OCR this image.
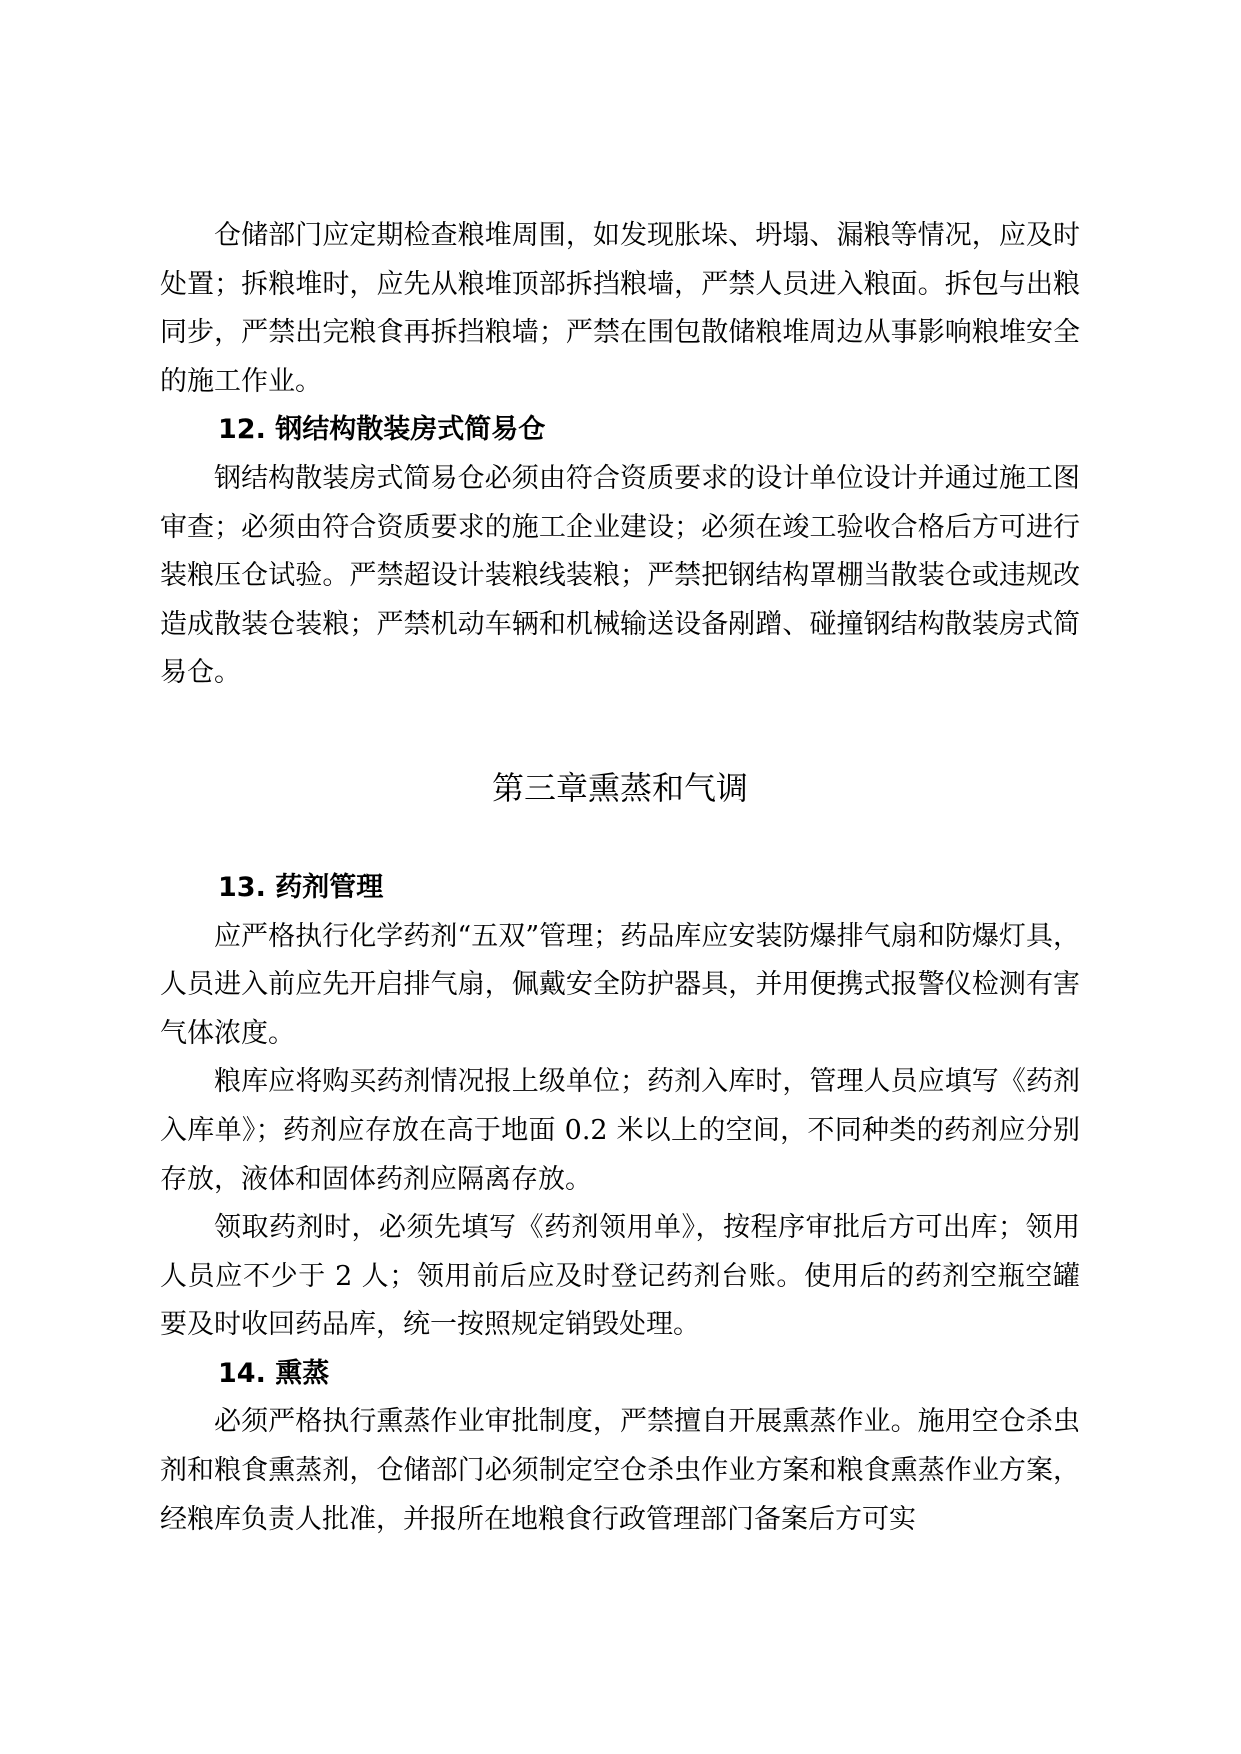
仓储部门应定期检查粮堆周围，如发现胀垛、坍塌、漏粮等情况，应及时处置；拆粮堆时，应先从粮堆顶部拆挡粮墙，严禁人员进入粮面。拆包与出粮同步，严禁出完粮食再拆挡粮墙；严禁在围包散储粮堆周边从事影响粮堆安全的施工作业。

12. 钢结构散装房式简易仓

钢结构散装房式简易仓必须由符合资质要求的设计单位设计并通过施工图审查；必须由符合资质要求的施工企业建设；必须在竣工验收合格后方可进行装粮压仓试验。严禁超设计装粮线装粮；严禁把钢结构罩棚当散装仓或违规改造成散装仓装粮；严禁机动车辆和机械输送设备剐蹭、碰撞钢结构散装房式简易仓。

第三章熏蒸和气调

13. 药剂管理

应严格执行化学药剂“五双”管理；药品库应安装防爆排气扇和防爆灯具，人员进入前应先开启排气扇，佩戴安全防护器具，并用便携式报警仪检测有害气体浓度。

粮库应将购买药剂情况报上级单位；药剂入库时，管理人员应填写《药剂入库单》；药剂应存放在高于地面 0.2 米以上的空间，不同种类的药剂应分别存放，液体和固体药剂应隔离存放。

领取药剂时，必须先填写《药剂领用单》，按程序审批后方可出库；领用人员应不少于 2 人；领用前后应及时登记药剂台账。使用后的药剂空瓶空罐要及时收回药品库，统一按照规定销毁处理。

14. 熏蒸

必须严格执行熏蒸作业审批制度，严禁擅自开展熏蒸作业。施用空仓杀虫剂和粮食熏蒸剂，仓储部门必须制定空仓杀虫作业方案和粮食熏蒸作业方案，经粮库负责人批准，并报所在地粮食行政管理部门备案后方可实
